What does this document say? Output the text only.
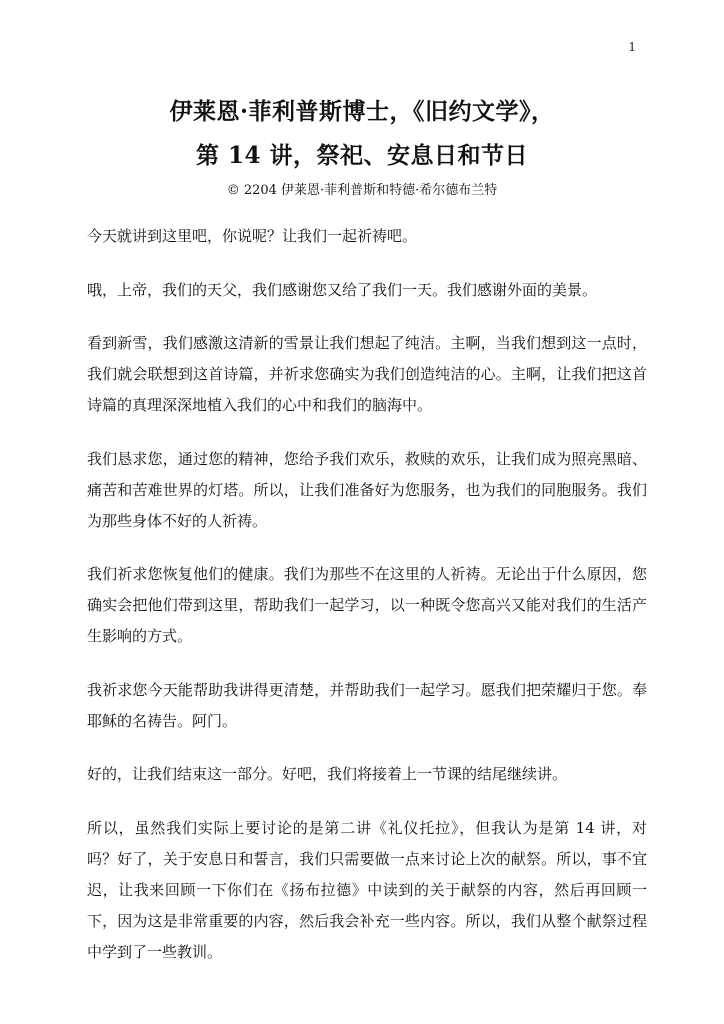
1
伊莱恩·菲利普斯博士，《旧约文学》，
第 14 讲，祭祀、安息日和节日
© 2204 伊莱恩·菲利普斯和特德·希尔德布兰特

今天就讲到这里吧，你说呢？让我们一起祈祷吧。

哦，上帝，我们的天父，我们感谢您又给了我们一天。我们感谢外面的美景。

看到新雪，我们感激这清新的雪景让我们想起了纯洁。主啊，当我们想到这一点时，我们就会联想到这首诗篇，并祈求您确实为我们创造纯洁的心。主啊，让我们把这首诗篇的真理深深地植入我们的心中和我们的脑海中。

我们恳求您，通过您的精神，您给予我们欢乐，救赎的欢乐，让我们成为照亮黑暗、痛苦和苦难世界的灯塔。所以，让我们准备好为您服务，也为我们的同胞服务。我们为那些身体不好的人祈祷。

我们祈求您恢复他们的健康。我们为那些不在这里的人祈祷。无论出于什么原因，您确实会把他们带到这里，帮助我们一起学习，以一种既令您高兴又能对我们的生活产生影响的方式。

我祈求您今天能帮助我讲得更清楚，并帮助我们一起学习。愿我们把荣耀归于您。奉耶稣的名祷告。阿门。

好的，让我们结束这一部分。好吧，我们将接着上一节课的结尾继续讲。

所以，虽然我们实际上要讨论的是第二讲《礼仪托拉》，但我认为是第 14 讲，对吗？好了，关于安息日和誓言，我们只需要做一点来讨论上次的献祭。所以，事不宜迟，让我来回顾一下你们在《扬布拉德》中读到的关于献祭的内容，然后再回顾一下，因为这是非常重要的内容，然后我会补充一些内容。所以，我们从整个献祭过程中学到了一些教训。
